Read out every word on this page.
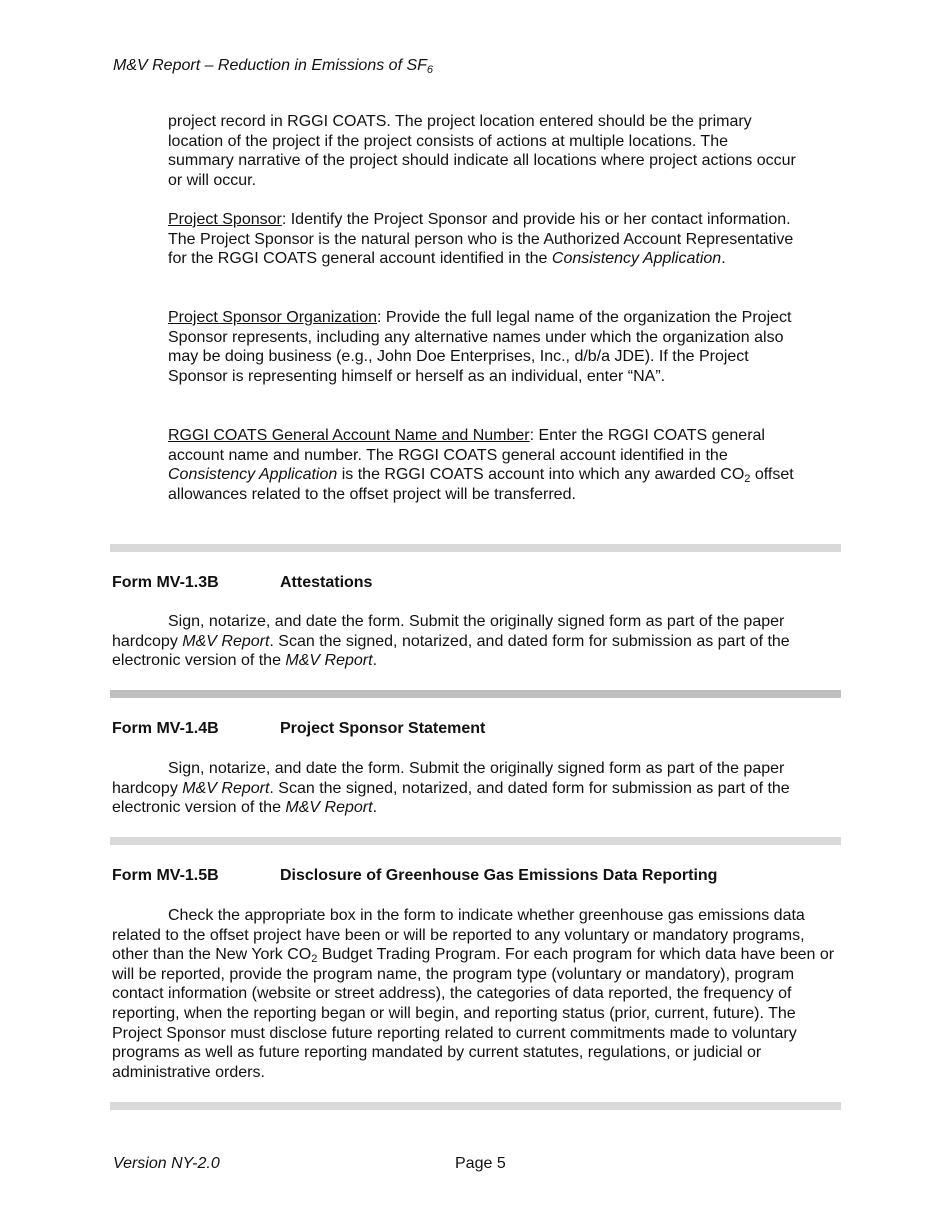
M&V Report – Reduction in Emissions of $SF_6$

project record in RGGI COATS. The project location entered should be the primary location of the project if the project consists of actions at multiple locations. The summary narrative of the project should indicate all locations where project actions occur or will occur.

Project Sponsor: Identify the Project Sponsor and provide his or her contact information. The Project Sponsor is the natural person who is the Authorized Account Representative for the RGGI COATS general account identified in the Consistency Application.

Project Sponsor Organization: Provide the full legal name of the organization the Project Sponsor represents, including any alternative names under which the organization also may be doing business (e.g., John Doe Enterprises, Inc., d/b/a JDE). If the Project Sponsor is representing himself or herself as an individual, enter “NA”.

RGGI COATS General Account Name and Number: Enter the RGGI COATS general account name and number. The RGGI COATS general account identified in the Consistency Application is the RGGI COATS account into which any awarded $CO_2$ offset allowances related to the offset project will be transferred.

Form MV-1.3B	Attestations

Sign, notarize, and date the form. Submit the originally signed form as part of the paper hardcopy M&V Report. Scan the signed, notarized, and dated form for submission as part of the electronic version of the M&V Report.

Form MV-1.4B	Project Sponsor Statement

Sign, notarize, and date the form. Submit the originally signed form as part of the paper hardcopy M&V Report. Scan the signed, notarized, and dated form for submission as part of the electronic version of the M&V Report.

Form MV-1.5B	Disclosure of Greenhouse Gas Emissions Data Reporting

Check the appropriate box in the form to indicate whether greenhouse gas emissions data related to the offset project have been or will be reported to any voluntary or mandatory programs, other than the New York $CO_2$ Budget Trading Program. For each program for which data have been or will be reported, provide the program name, the program type (voluntary or mandatory), program contact information (website or street address), the categories of data reported, the frequency of reporting, when the reporting began or will begin, and reporting status (prior, current, future). The Project Sponsor must disclose future reporting related to current commitments made to voluntary programs as well as future reporting mandated by current statutes, regulations, or judicial or administrative orders.

Version NY-2.0	Page 5
